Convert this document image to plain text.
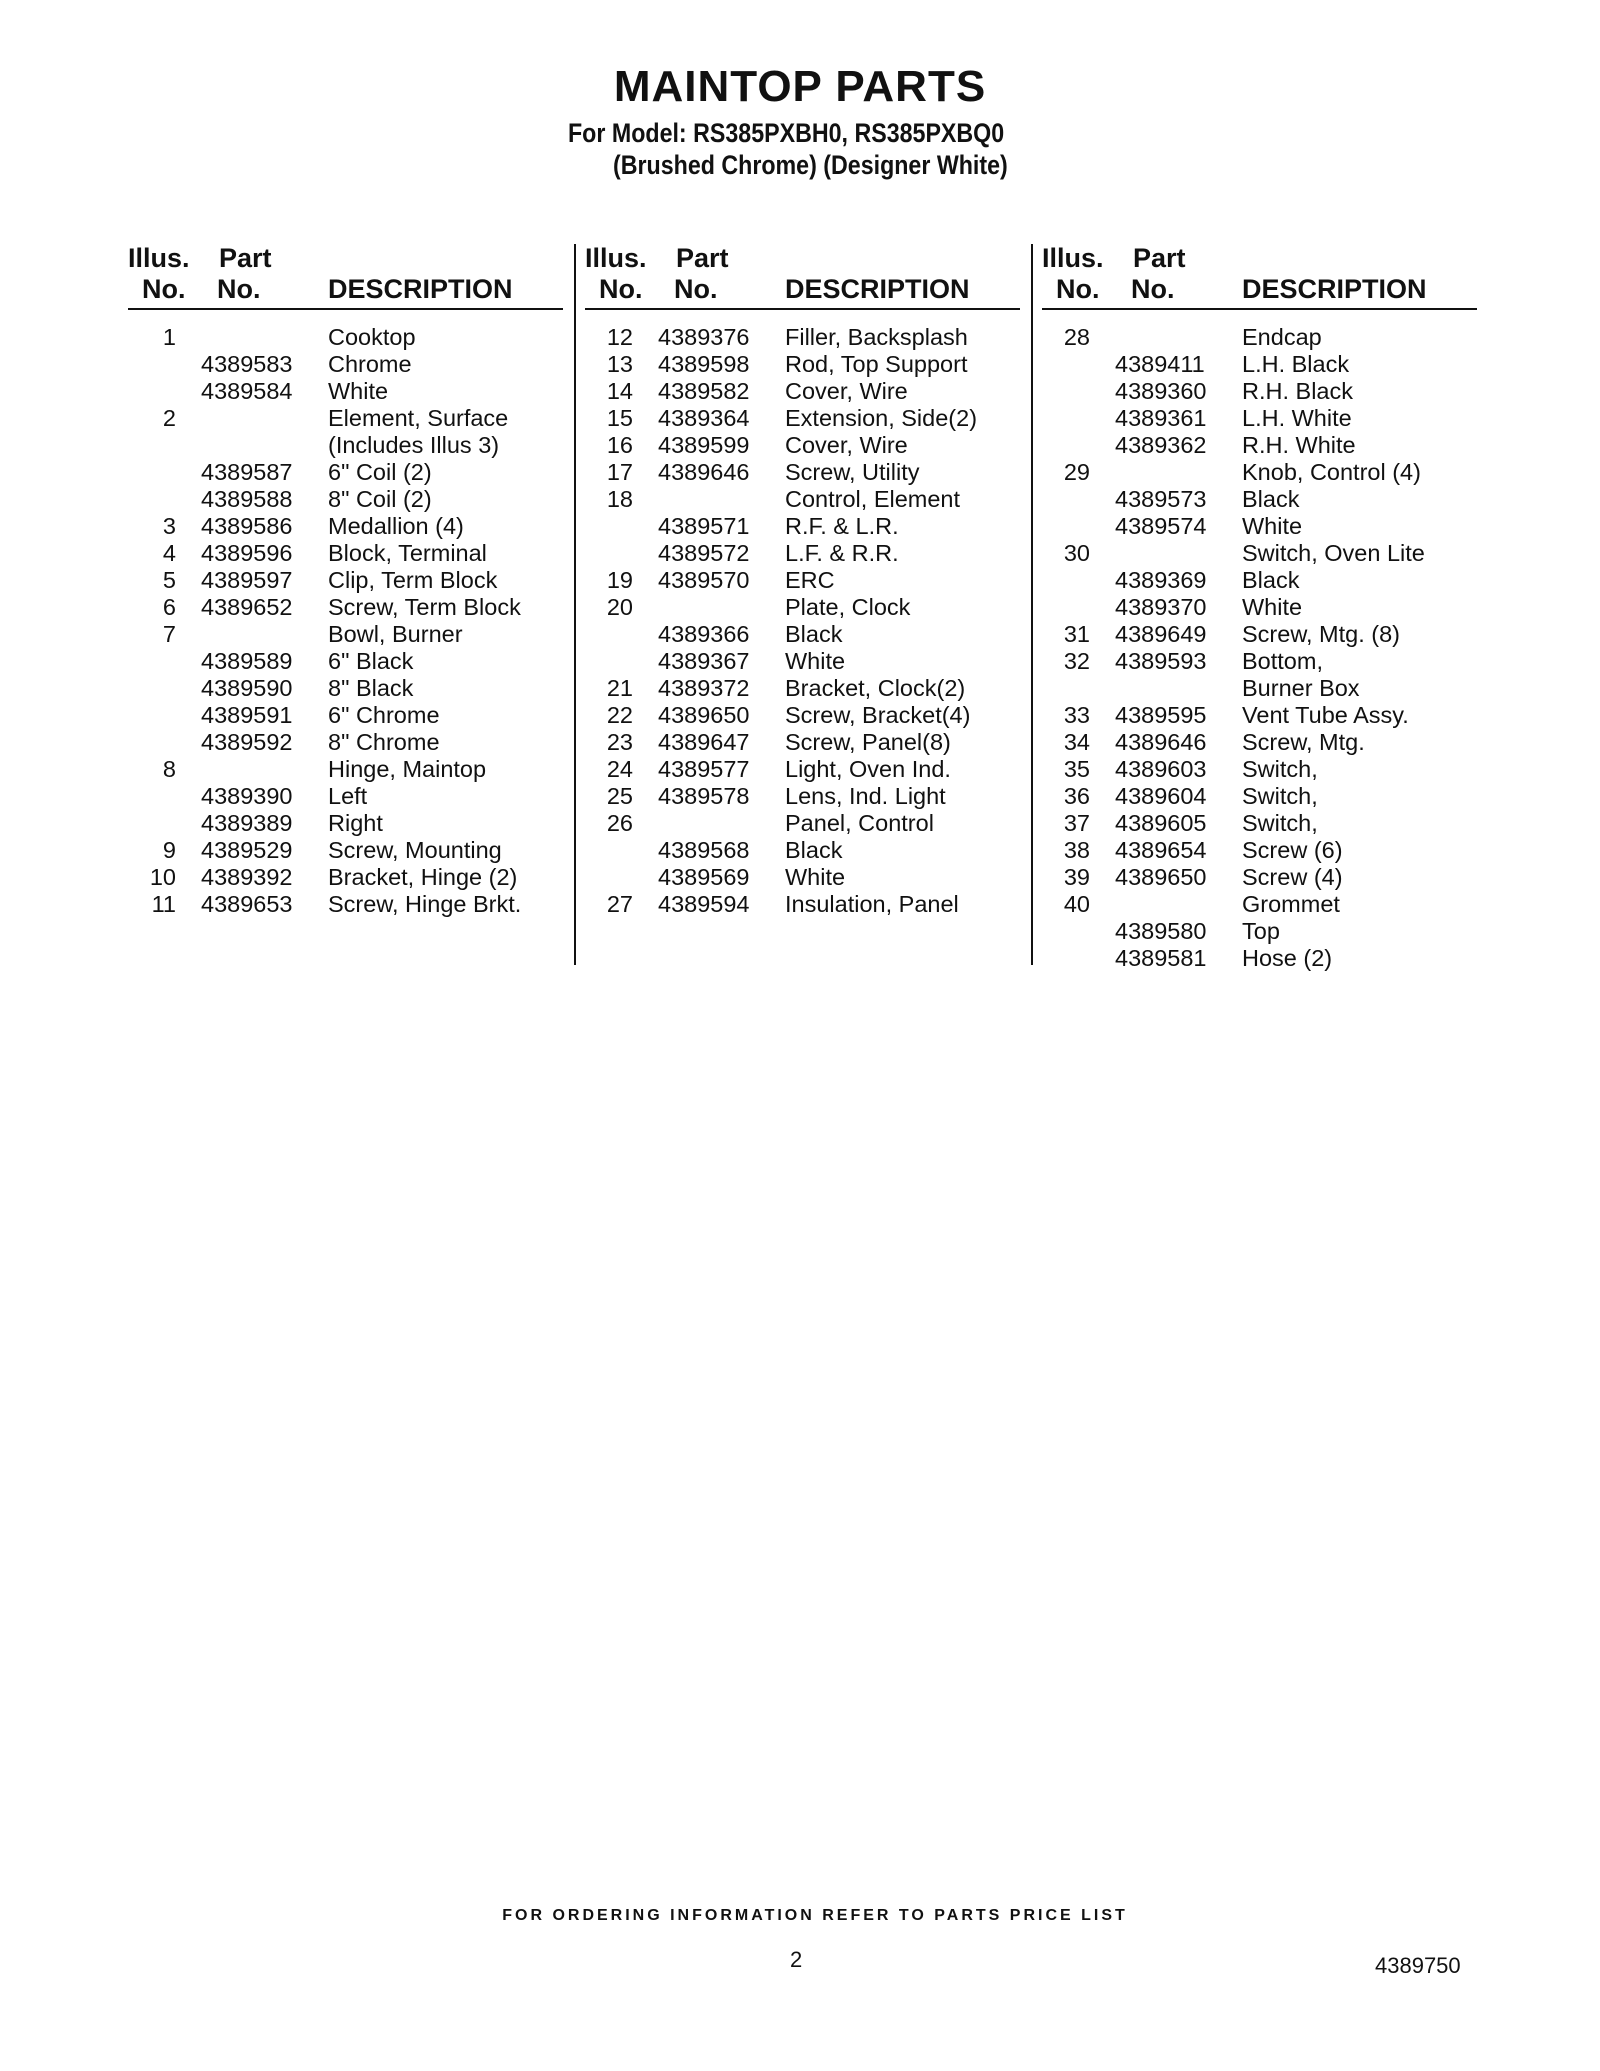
MAINTOP PARTS
For Model: RS385PXBH0, RS385PXBQ0
(Brushed Chrome) (Designer White)
Illus. Part
No. No.	DESCRIPTION
1	Cooktop
4389583 Chrome
4389584 White
2	Element, Surface
(Includes Illus 3)
4389587 6" Coil (2)
4389588 8" Coil (2)
3 4389586 Medallion (4)
4 4389596 Block, Terminal
5 4389597 Clip, Term Block
6 4389652 Screw, Term Block
7	Bowl, Burner
4389589 6" Black
4389590 8" Black
4389591 6" Chrome
4389592 8" Chrome
8	Hinge, Maintop
4389390 Left
4389389 Right
9 4389529 Screw, Mounting
10 4389392 Bracket, Hinge (2)
11 4389653 Screw, Hinge Brkt.
Illus. Part
No. No.	DESCRIPTION
12 4389376 Filler, Backsplash
13 4389598 Rod, Top Support
14 4389582 Cover, Wire
15 4389364 Extension, Side(2)
16 4389599 Cover, Wire
17 4389646 Screw, Utility
18	Control, Element
4389571 R.F. & L.R.
4389572 L.F. & R.R.
19 4389570 ERC
20	Plate, Clock
4389366 Black
4389367 White
21 4389372 Bracket, Clock(2)
22 4389650 Screw, Bracket(4)
23 4389647 Screw, Panel(8)
24 4389577 Light, Oven Ind.
25 4389578 Lens, Ind. Light
26	Panel, Control
4389568 Black
4389569 White
27 4389594 Insulation, Panel
Illus. Part
No. No.	DESCRIPTION
28	Endcap
4389411 L.H. Black
4389360 R.H. Black
4389361 L.H. White
4389362 R.H. White
29	Knob, Control (4)
4389573 Black
4389574 White
30	Switch, Oven Lite
4389369 Black
4389370 White
31 4389649 Screw, Mtg. (8)
32 4389593 Bottom,
Burner Box
33 4389595 Vent Tube Assy.
34 4389646 Screw, Mtg.
35 4389603 Switch,
36 4389604 Switch,
37 4389605 Switch,
38 4389654 Screw (6)
39 4389650 Screw (4)
40	Grommet
4389580 Top
4389581 Hose (2)
FOR ORDERING INFORMATION REFER TO PARTS PRICE LIST
2	4389750
